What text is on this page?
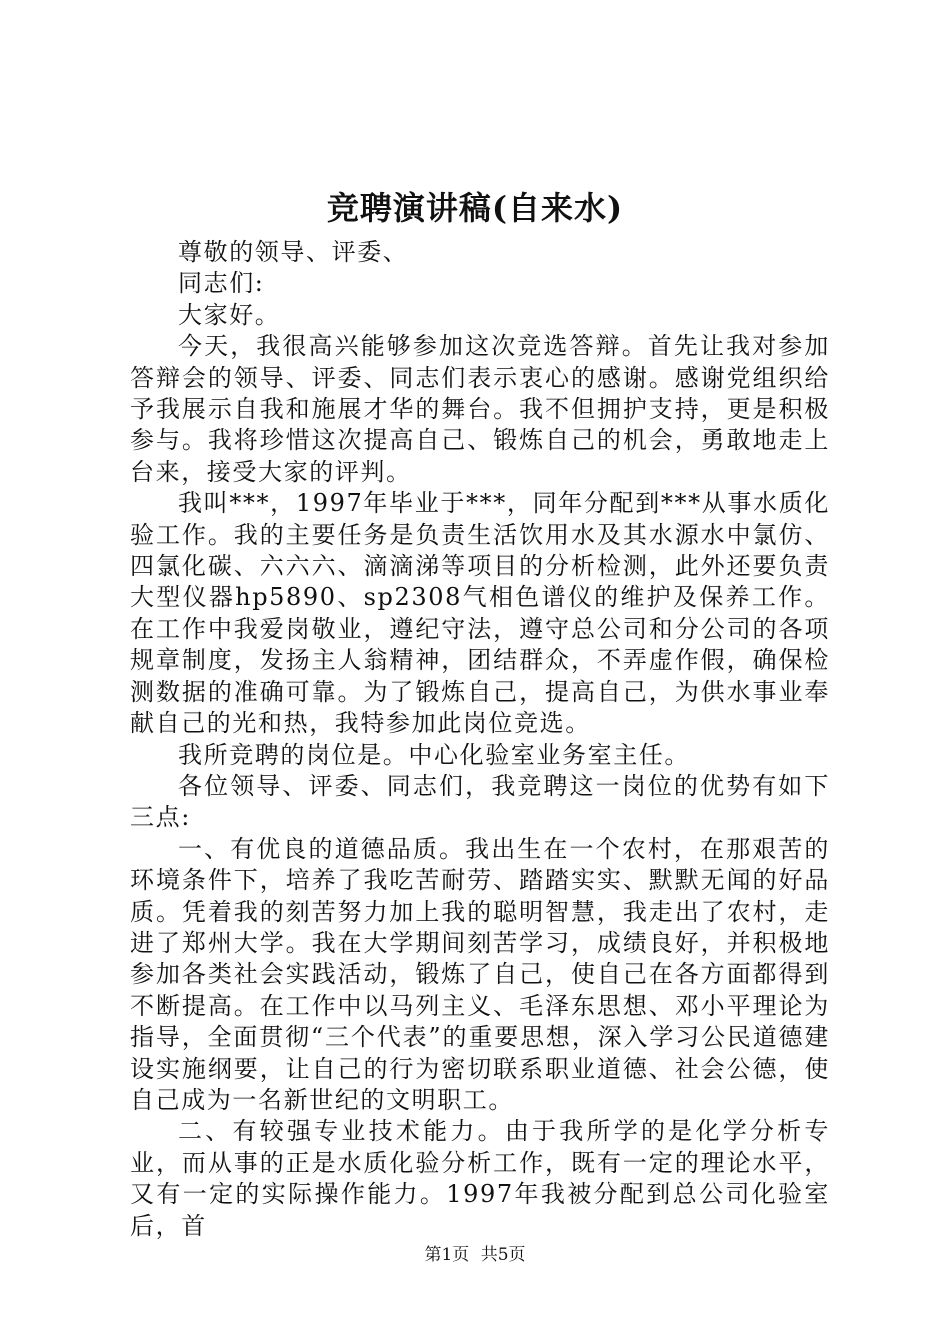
竞聘演讲稿(自来水)

尊敬的领导、评委、

同志们:

大家好。

今天，我很高兴能够参加这次竞选答辩。首先让我对参加答辩会的领导、评委、同志们表示衷心的感谢。感谢党组织给予我展示自我和施展才华的舞台。我不但拥护支持，更是积极参与。我将珍惜这次提高自己、锻炼自己的机会，勇敢地走上台来，接受大家的评判。

我叫***，1997年毕业于***，同年分配到***从事水质化验工作。我的主要任务是负责生活饮用水及其水源水中氯仿、四氯化碳、六六六、滴滴涕等项目的分析检测，此外还要负责大型仪器hp5890、sp2308气相色谱仪的维护及保养工作。在工作中我爱岗敬业，遵纪守法，遵守总公司和分公司的各项规章制度，发扬主人翁精神，团结群众，不弄虚作假，确保检测数据的准确可靠。为了锻炼自己，提高自己，为供水事业奉献自己的光和热，我特参加此岗位竞选。

我所竞聘的岗位是。中心化验室业务室主任。

各位领导、评委、同志们，我竞聘这一岗位的优势有如下三点:

一、有优良的道德品质。我出生在一个农村，在那艰苦的环境条件下，培养了我吃苦耐劳、踏踏实实、默默无闻的好品质。凭着我的刻苦努力加上我的聪明智慧，我走出了农村，走进了郑州大学。我在大学期间刻苦学习，成绩良好，并积极地参加各类社会实践活动，锻炼了自己，使自己在各方面都得到不断提高。在工作中以马列主义、毛泽东思想、邓小平理论为指导，全面贯彻“三个代表”的重要思想，深入学习公民道德建设实施纲要，让自己的行为密切联系职业道德、社会公德，使自己成为一名新世纪的文明职工。

二、有较强专业技术能力。由于我所学的是化学分析专业，而从事的正是水质化验分析工作，既有一定的理论水平，又有一定的实际操作能力。1997年我被分配到总公司化验室后，首

第1页 共5页
